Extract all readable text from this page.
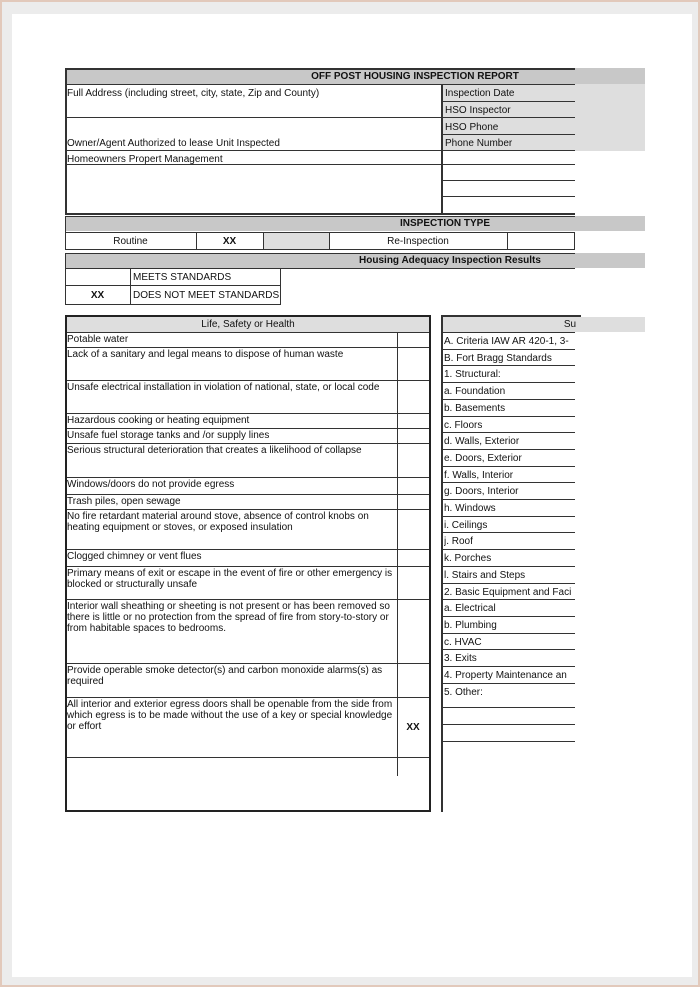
OFF POST HOUSING INSPECTION REPORT
Full Address (including street, city, state, Zip and County)	Inspection Date
HSO Inspector
HSO Phone
Owner/Agent Authorized to lease Unit Inspected	Phone Number
Homeowners Propert Management
INSPECTION TYPE
Routine	XX	Re-Inspection
Housing Adequacy Inspection Results
MEETS STANDARDS
XX	DOES NOT MEET STANDARDS
Life, Safety or Health
Potable water
Lack of a sanitary and legal means to dispose of human waste
Unsafe electrical installation in violation of national, state, or local code
Hazardous cooking or heating equipment
Unsafe fuel storage tanks and /or supply lines
Serious structural deterioration that creates a likelihood of collapse
Windows/doors do not provide egress
Trash piles, open sewage
No fire retardant material around stove, absence of control knobs on heating equipment or stoves, or exposed insulation
Clogged chimney or vent flues
Primary means of exit or escape in the event of fire or other emergency is blocked or structurally unsafe
Interior wall sheathing or sheeting is not present or has been removed so there is little or no protection from the spread of fire from story-to-story or from habitable spaces to bedrooms.
Provide operable smoke detector(s) and carbon monoxide alarms(s) as required
All interior and exterior egress doors shall be openable from the side from which egress is to be made without the use of a key or special knowledge or effort	XX
Su
A. Criteria IAW AR 420-1, 3-
B. Fort Bragg Standards
1. Structural:
a. Foundation
b. Basements
c. Floors
d. Walls, Exterior
e. Doors, Exterior
f. Walls, Interior
g. Doors, Interior
h. Windows
i. Ceilings
j. Roof
k. Porches
l. Stairs and Steps
2. Basic Equipment and Faci
a. Electrical
b. Plumbing
c. HVAC
3. Exits
4. Property Maintenance an
5. Other:
